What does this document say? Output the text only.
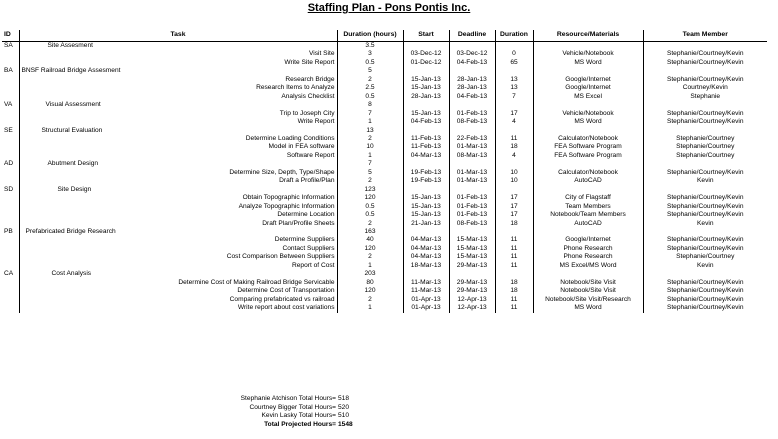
Staffing Plan - Pons Pontis Inc.
ID	Task	Duration (hours)	Start	Deadline	Duration	Resource/Materials	Team Member
SA	Site Assesment	3.5					
	Visit Site	3	03-Dec-12	03-Dec-12	0	Vehicle/Notebook	Stephanie/Courtney/Kevin
	Write Site Report	0.5	01-Dec-12	04-Feb-13	65	MS Word	Stephanie/Courtney/Kevin
BA	BNSF Railroad Bridge Assesment	5					
	Research Bridge	2	15-Jan-13	28-Jan-13	13	Google/Internet	Stephanie/Courtney/Kevin
	Research Items to Analyze	2.5	15-Jan-13	28-Jan-13	13	Google/Internet	Courtney/Kevin
	Analysis Checklist	0.5	28-Jan-13	04-Feb-13	7	MS Excel	Stephanie
VA	Visual Assessment	8					
	Trip to Joseph City	7	15-Jan-13	01-Feb-13	17	Vehicle/Notebook	Stephanie/Courtney/Kevin
	Write Report	1	04-Feb-13	08-Feb-13	4	MS Word	Stephanie/Courtney/Kevin
SE	Structural Evaluation	13					
	Determine Loading Conditions	2	11-Feb-13	22-Feb-13	11	Calculator/Notebook	Stephanie/Courtney
	Model in FEA software	10	11-Feb-13	01-Mar-13	18	FEA Software Program	Stephanie/Courtney
	Software Report	1	04-Mar-13	08-Mar-13	4	FEA Software Program	Stephanie/Courtney
AD	Abutment Design	7					
	Determine Size, Depth, Type/Shape	5	19-Feb-13	01-Mar-13	10	Calculator/Notebook	Stephanie/Courtney/Kevin
	Draft a Profile/Plan	2	19-Feb-13	01-Mar-13	10	AutoCAD	Kevin
SD	Site Design	123					
	Obtain Topographic Information	120	15-Jan-13	01-Feb-13	17	City of Flagstaff	Stephanie/Courtney/Kevin
	Analyze Topographic Information	0.5	15-Jan-13	01-Feb-13	17	Team Members	Stephanie/Courtney/Kevin
	Determine Location	0.5	15-Jan-13	01-Feb-13	17	Notebook/Team Members	Stephanie/Courtney/Kevin
	Draft Plan/Profile Sheets	2	21-Jan-13	08-Feb-13	18	AutoCAD	Kevin
PB	Prefabricated Bridge Research	163					
	Determine Suppliers	40	04-Mar-13	15-Mar-13	11	Google/Internet	Stephanie/Courtney/Kevin
	Contact Suppliers	120	04-Mar-13	15-Mar-13	11	Phone Research	Stephanie/Courtney/Kevin
	Cost Comparison Between Suppliers	2	04-Mar-13	15-Mar-13	11	Phone Research	Stephanie/Courtney
	Report of Cost	1	18-Mar-13	29-Mar-13	11	MS Excel/MS Word	Kevin
CA	Cost Analysis	203					
	Determine Cost of Making Railroad Bridge Servicable	80	11-Mar-13	29-Mar-13	18	Notebook/Site Visit	Stephanie/Courtney/Kevin
	Determine Cost of Transportation	120	11-Mar-13	29-Mar-13	18	Notebook/Site Visit	Stephanie/Courtney/Kevin
	Comparing prefabricated vs railroad	2	01-Apr-13	12-Apr-13	11	Notebook/Site Visit/Research	Stephanie/Courtney/Kevin
	Write report about cost variations	1	01-Apr-13	12-Apr-13	11	MS Word	Stephanie/Courtney/Kevin
Stephanie Atchison Total Hours= 518
Courtney Bigger Total Hours= 520
Kevin Lasky Total Hours= 510
Total Projected Hours= 1548
